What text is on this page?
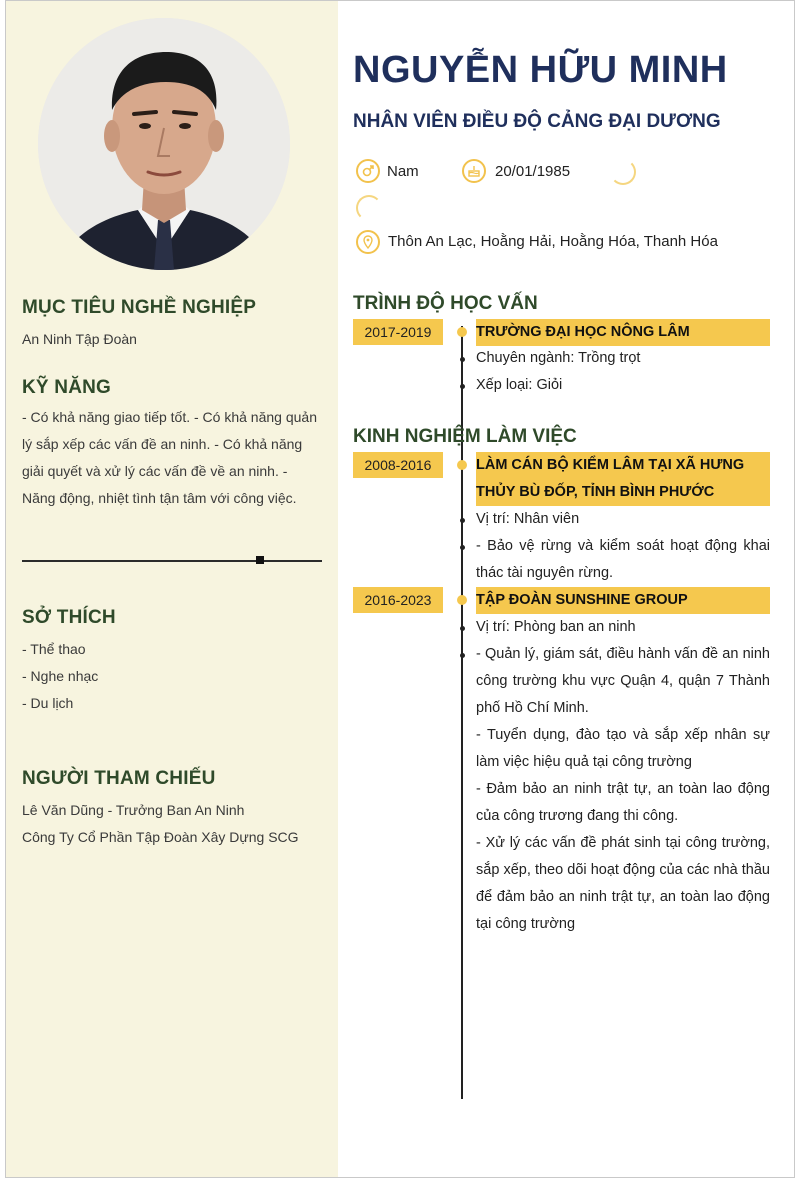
MỤC TIÊU NGHỀ NGHIỆP
An Ninh Tập Đoàn
KỸ NĂNG
- Có khả năng giao tiếp tốt. - Có khả năng quản lý sắp xếp các vấn đề an ninh. - Có khả năng giải quyết và xử lý các vấn đề về an ninh. - Năng động, nhiệt tình tận tâm với công việc.
SỞ THÍCH
- Thể thao
- Nghe nhạc
- Du lịch
NGƯỜI THAM CHIẾU
Lê Văn Dũng - Trưởng Ban An Ninh
Công Ty Cổ Phần Tập Đoàn Xây Dựng SCG
NGUYỄN HỮU MINH
NHÂN VIÊN ĐIỀU ĐỘ CẢNG ĐẠI DƯƠNG
Nam	20/01/1985
Thôn An Lạc, Hoằng Hải, Hoằng Hóa, Thanh Hóa
TRÌNH ĐỘ HỌC VẤN
2017-2019	TRƯỜNG ĐẠI HỌC NÔNG LÂM
Chuyên ngành: Trồng trọt
Xếp loại: Giỏi
KINH NGHIỆM LÀM VIỆC
2008-2016	LÀM CÁN BỘ KIỂM LÂM TẠI XÃ HƯNG THỦY BÙ ĐỐP, TỈNH BÌNH PHƯỚC
Vị trí: Nhân viên
- Bảo vệ rừng và kiểm soát hoạt động khai thác tài nguyên rừng.
2016-2023	TẬP ĐOÀN SUNSHINE GROUP
Vị trí: Phòng ban an ninh
- Quản lý, giám sát, điều hành vấn đề an ninh công trường khu vực Quận 4, quận 7 Thành phố Hồ Chí Minh.
- Tuyển dụng, đào tạo và sắp xếp nhân sự làm việc hiệu quả tại công trường
- Đảm bảo an ninh trật tự, an toàn lao động của công trương đang thi công.
- Xử lý các vấn đề phát sinh tại công trường, sắp xếp, theo dõi hoạt động của các nhà thầu để đảm bảo an ninh trật tự, an toàn lao động tại công trường
